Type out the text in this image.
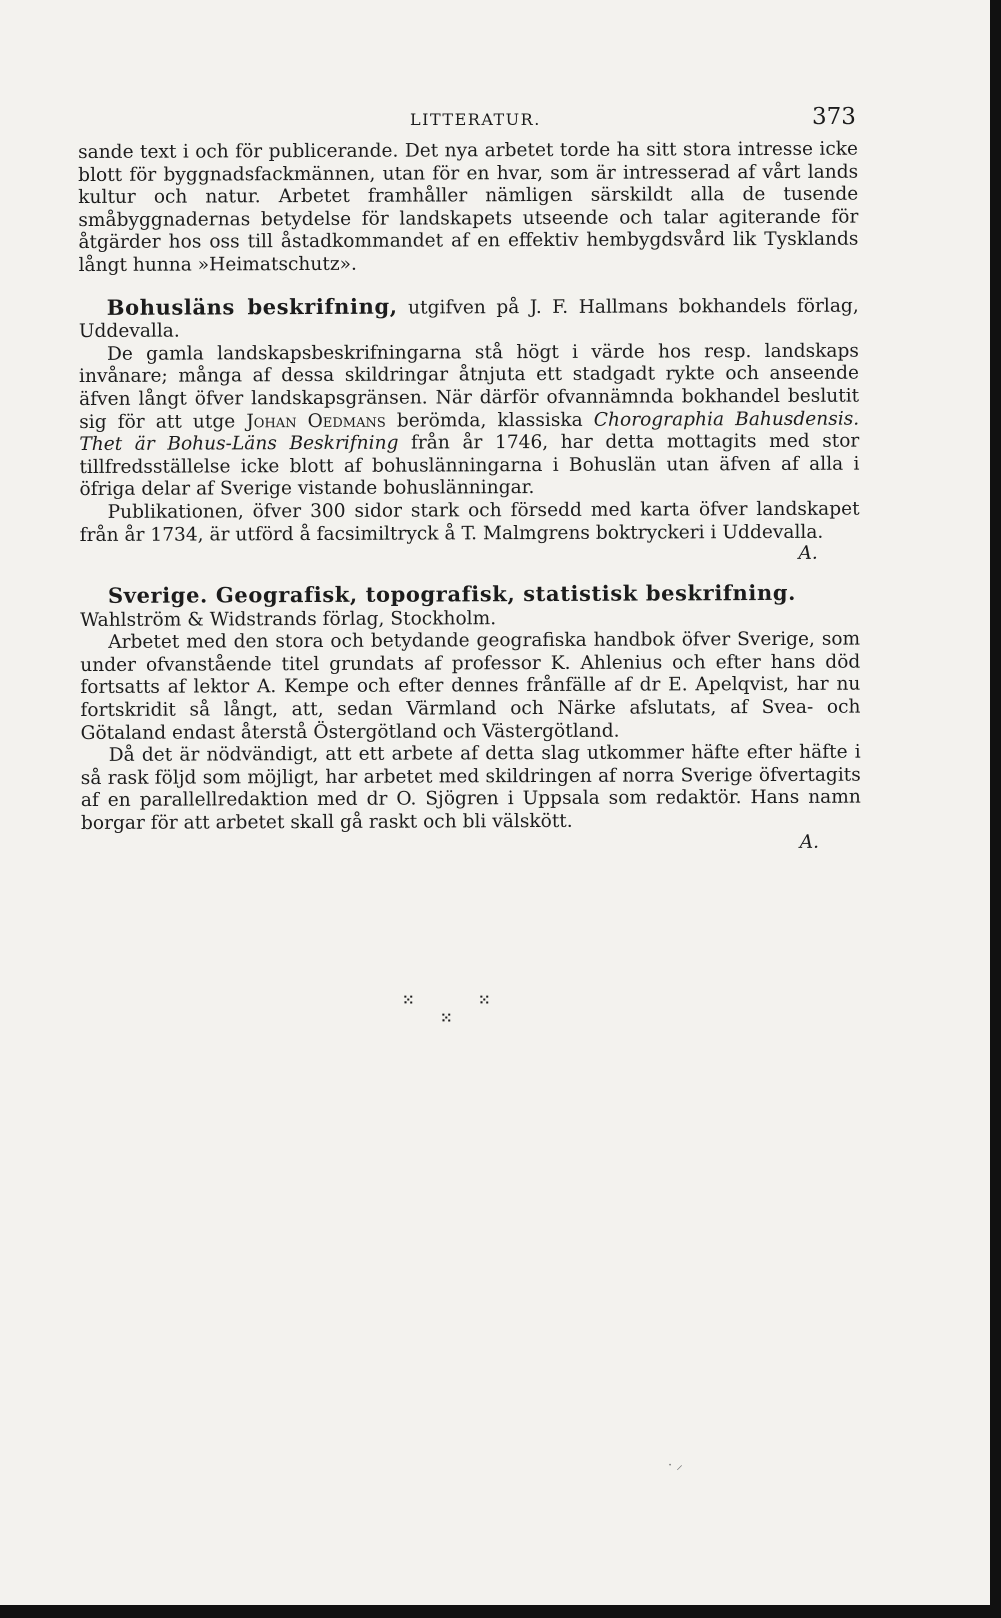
LITTERATUR.	373

sande text i och för publicerande. Det nya arbetet torde ha sitt stora intresse icke blott för byggnadsfackmännen, utan för en hvar, som är intresserad af vårt lands kultur och natur. Arbetet framhåller nämligen särskildt alla de tusende småbyggnadernas betydelse för landskapets utseende och talar agiterande för åtgärder hos oss till åstadkommandet af en effektiv hembygdsvård lik Tysklands långt hunna »Heimatschutz».

Bohusläns beskrifning, utgifven på J. F. Hallmans bokhandels förlag, Uddevalla.

De gamla landskapsbeskrifningarna stå högt i värde hos resp. landskaps invånare; många af dessa skildringar åtnjuta ett stadgadt rykte och anseende äfven långt öfver landskapsgränsen. När därför ofvannämnda bokhandel beslutit sig för att utge Johan Oedmans berömda, klassiska Chorographia Bahusdensis. Thet är Bohus-Läns Beskrifning från år 1746, har detta mottagits med stor tillfredsställelse icke blott af bohuslänningarna i Bohuslän utan äfven af alla i öfriga delar af Sverige vistande bohuslänningar.

Publikationen, öfver 300 sidor stark och försedd med karta öfver landskapet från år 1734, är utförd å facsimiltryck å T. Malmgrens boktryckeri i Uddevalla.

A.

Sverige. Geografisk, topografisk, statistisk beskrifning.

Wahlström & Widstrands förlag, Stockholm.

Arbetet med den stora och betydande geografiska handbok öfver Sverige, som under ofvanstående titel grundats af professor K. Ahlenius och efter hans död fortsatts af lektor A. Kempe och efter dennes frånfälle af dr E. Apelqvist, har nu fortskridit så långt, att, sedan Värmland och Närke afslutats, af Svea- och Götaland endast återstå Östergötland och Västergötland.

Då det är nödvändigt, att ett arbete af detta slag utkommer häfte efter häfte i så rask följd som möjligt, har arbetet med skildringen af norra Sverige öfvertagits af en parallellredaktion med dr O. Sjögren i Uppsala som redaktör. Hans namn borgar för att arbetet skall gå raskt och bli välskött.

A.
⁙	⁙
⁙
· ⸝
